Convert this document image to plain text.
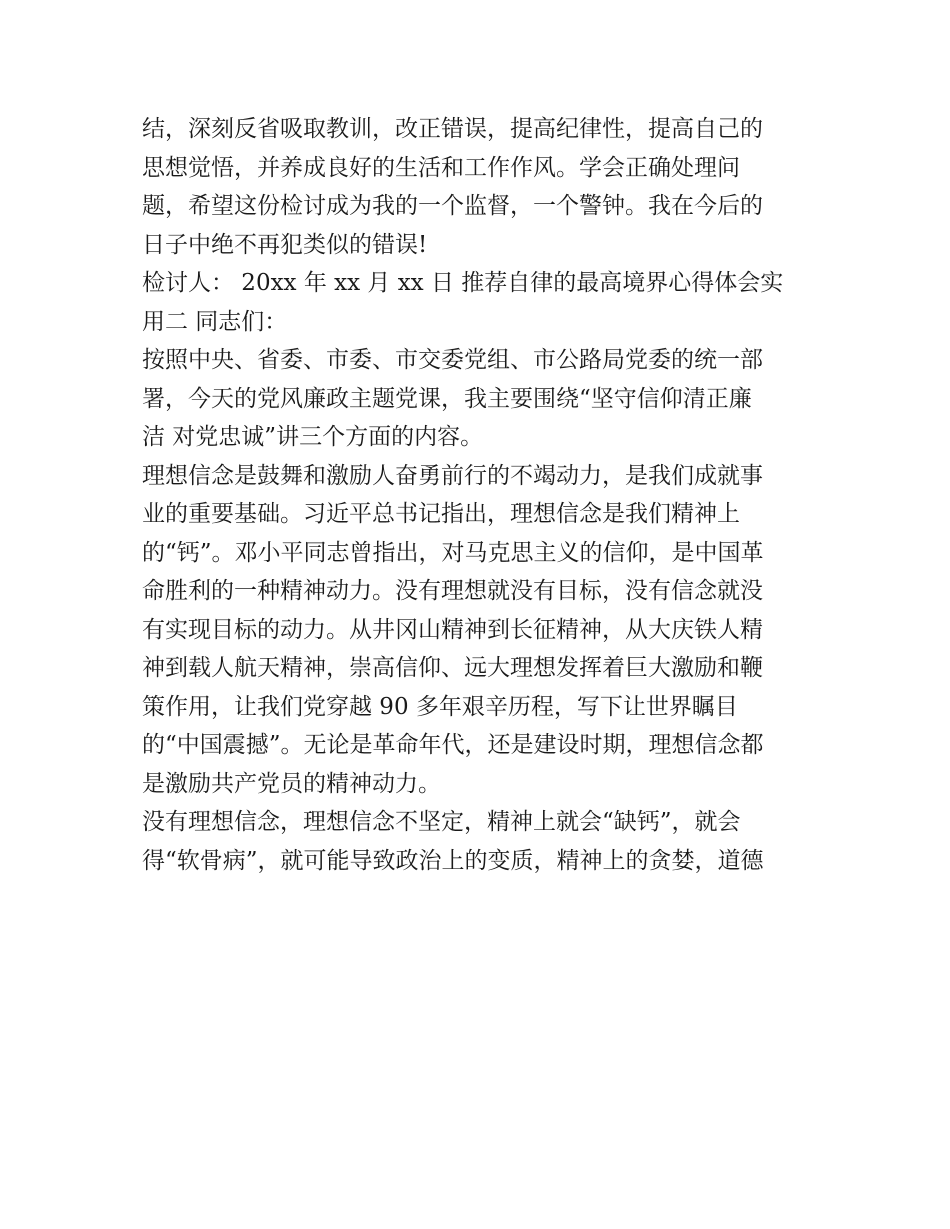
结，深刻反省吸取教训，改正错误，提高纪律性，提高自己的
思想觉悟，并养成良好的生活和工作作风。学会正确处理问
题，希望这份检讨成为我的一个监督，一个警钟。我在今后的
日子中绝不再犯类似的错误!
检讨人： 20xx 年 xx 月 xx 日 推荐自律的最高境界心得体会实
用二 同志们：
按照中央、省委、市委、市交委党组、市公路局党委的统一部
署，今天的党风廉政主题党课，我主要围绕“坚守信仰清正廉
洁 对党忠诚”讲三个方面的内容。
理想信念是鼓舞和激励人奋勇前行的不竭动力，是我们成就事
业的重要基础。习近平总书记指出，理想信念是我们精神上
的“钙”。邓小平同志曾指出，对马克思主义的信仰，是中国革
命胜利的一种精神动力。没有理想就没有目标，没有信念就没
有实现目标的动力。从井冈山精神到长征精神，从大庆铁人精
神到载人航天精神，崇高信仰、远大理想发挥着巨大激励和鞭
策作用，让我们党穿越 90 多年艰辛历程，写下让世界瞩目
的“中国震撼”。无论是革命年代，还是建设时期，理想信念都
是激励共产党员的精神动力。
没有理想信念，理想信念不坚定，精神上就会“缺钙”，就会
得“软骨病”，就可能导致政治上的变质，精神上的贪婪，道德
